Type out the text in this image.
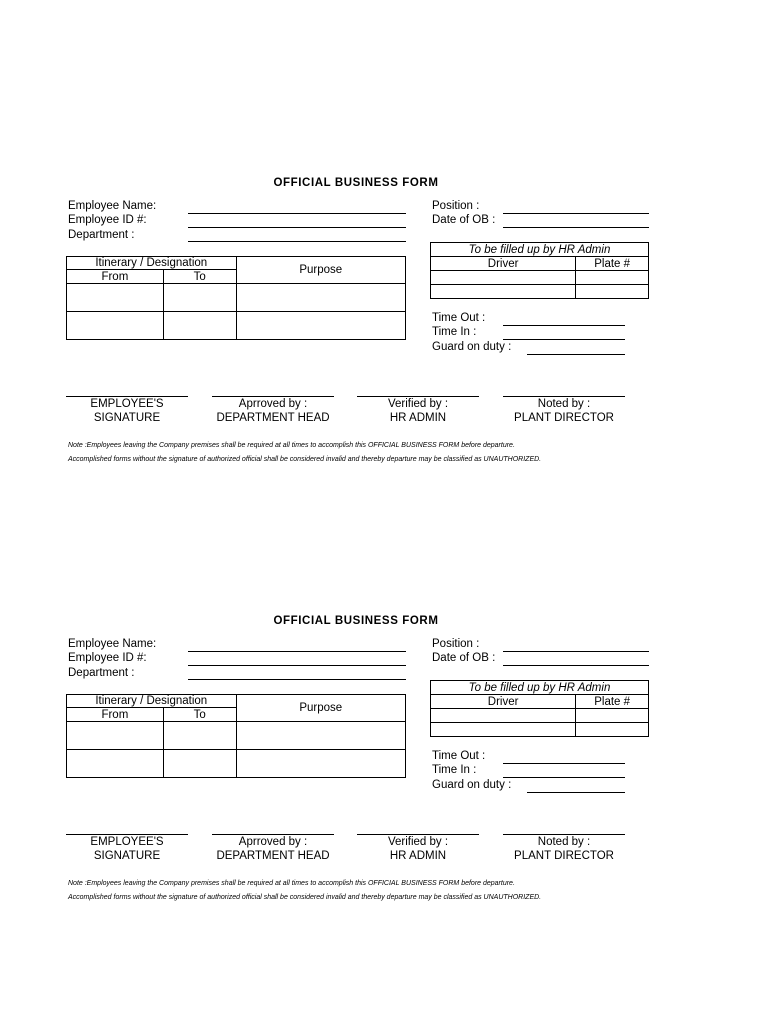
OFFICIAL BUSINESS FORM
Employee Name:
Employee ID #:
Department :
Position :
Date of OB :
Itinerary / Designation		Purpose
From	To	

To be filled up by HR Admin	
Driver	Plate #

Time Out :
Time In :
Guard on duty :
EMPLOYEE'S
SIGNATURE
Aprroved by :
DEPARTMENT HEAD
Verified by :
HR ADMIN
Noted by :
PLANT DIRECTOR
Note :Employees leaving the Company premises shall be required at all times to accomplish this OFFICIAL BUSINESS FORM before departure.
Accomplished forms without the signature of authorized official shall be considered invalid and thereby departure may be classified as UNAUTHORIZED.
OFFICIAL BUSINESS FORM
Employee Name:
Employee ID #:
Department :
Position :
Date of OB :
Itinerary / Designation		Purpose
From	To	

To be filled up by HR Admin	
Driver	Plate #

Time Out :
Time In :
Guard on duty :
EMPLOYEE'S
SIGNATURE
Aprroved by :
DEPARTMENT HEAD
Verified by :
HR ADMIN
Noted by :
PLANT DIRECTOR
Note :Employees leaving the Company premises shall be required at all times to accomplish this OFFICIAL BUSINESS FORM before departure.
Accomplished forms without the signature of authorized official shall be considered invalid and thereby departure may be classified as UNAUTHORIZED.
